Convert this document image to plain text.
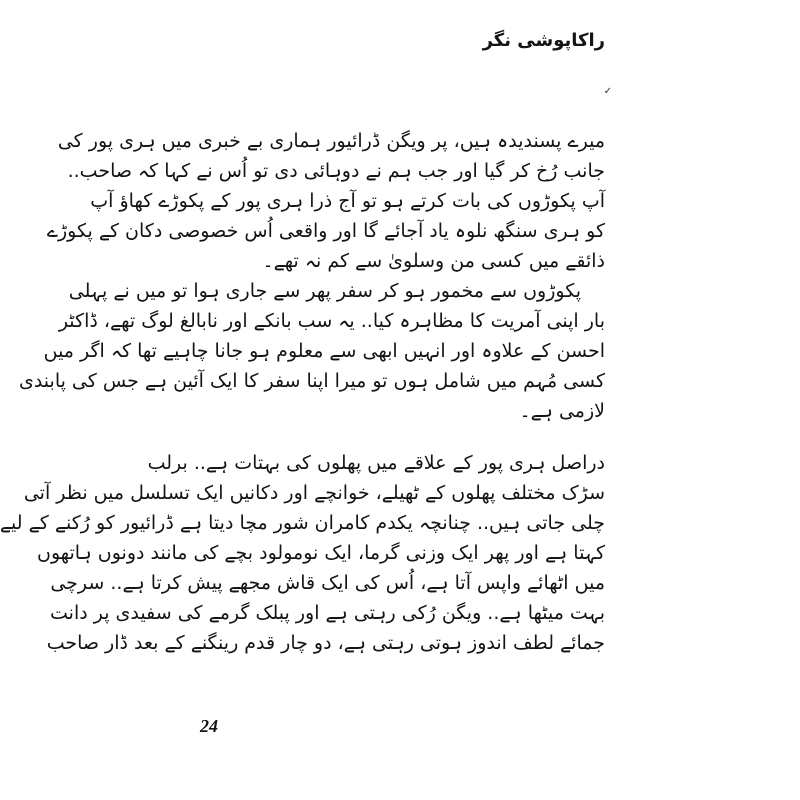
راکاپوشی نگر
✓
میرے پسندیدہ ہیں، پر ویگن ڈرائیور ہماری بے خبری میں ہری پور کی
جانب رُخ کر گیا اور جب ہم نے دوہائی دی تو اُس نے کہا کہ صاحب..
آپ پکوڑوں کی بات کرتے ہو تو آج ذرا ہری پور کے پکوڑے کھاؤ آپ
کو ہری سنگھ نلوہ یاد آجائے گا اور واقعی اُس خصوصی دکان کے پکوڑے
ذائقے میں کسی من وسلویٰ سے کم نہ تھے۔
پکوڑوں سے مخمور ہو کر سفر پھر سے جاری ہوا تو میں نے پہلی
بار اپنی آمریت کا مظاہرہ کیا.. یہ سب بانکے اور نابالغ لوگ تھے، ڈاکٹر
احسن کے علاوہ اور انہیں ابھی سے معلوم ہو جانا چاہیے تھا کہ اگر میں
کسی مُہم میں شامل ہوں تو میرا اپنا سفر کا ایک آئین ہے جس کی پابندی
لازمی ہے۔
دراصل ہری پور کے علاقے میں پھلوں کی بہتات ہے.. برلب
سڑک مختلف پھلوں کے ٹھیلے، خوانچے اور دکانیں ایک تسلسل میں نظر آتی
چلی جاتی ہیں.. چنانچہ یکدم کامران شور مچا دیتا ہے ڈرائیور کو رُکنے کے لیے
کہتا ہے اور پھر ایک وزنی گرما، ایک نومولود بچے کی مانند دونوں ہاتھوں
میں اٹھائے واپس آتا ہے، اُس کی ایک قاش مجھے پیش کرتا ہے.. سرچی
بہت میٹھا ہے.. ویگن رُکی رہتی ہے اور پبلک گرمے کی سفیدی پر دانت
جمائے لطف اندوز ہوتی رہتی ہے، دو چار قدم رینگنے کے بعد ڈار صاحب
24
